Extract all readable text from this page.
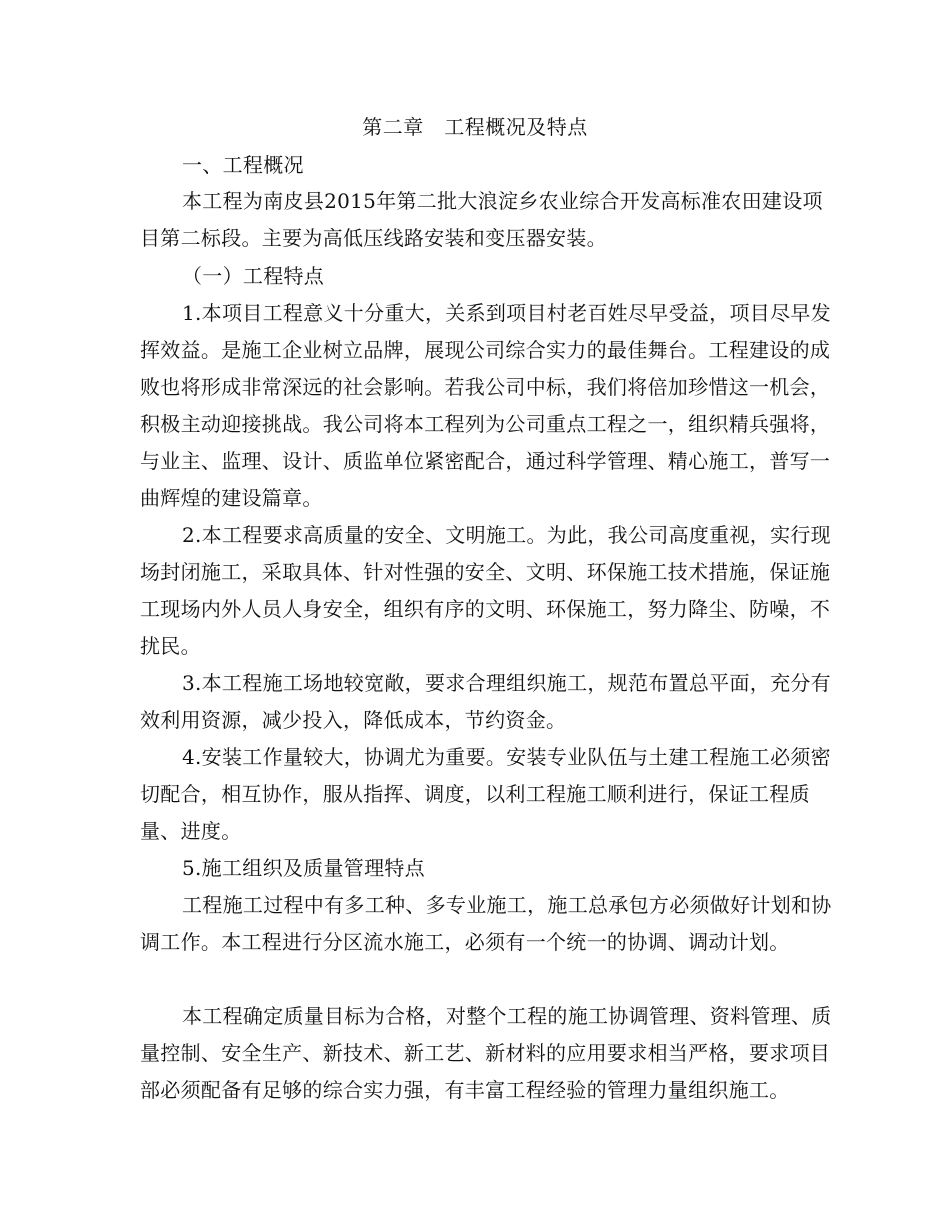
第二章　工程概况及特点
一、工程概况
本工程为南皮县2015年第二批大浪淀乡农业综合开发高标准农田建设项目第二标段。主要为高低压线路安装和变压器安装。
（一）工程特点
1.本项目工程意义十分重大，关系到项目村老百姓尽早受益，项目尽早发挥效益。是施工企业树立品牌，展现公司综合实力的最佳舞台。工程建设的成败也将形成非常深远的社会影响。若我公司中标，我们将倍加珍惜这一机会，积极主动迎接挑战。我公司将本工程列为公司重点工程之一，组织精兵强将，与业主、监理、设计、质监单位紧密配合，通过科学管理、精心施工，普写一曲辉煌的建设篇章。
2.本工程要求高质量的安全、文明施工。为此，我公司高度重视，实行现场封闭施工，采取具体、针对性强的安全、文明、环保施工技术措施，保证施工现场内外人员人身安全，组织有序的文明、环保施工，努力降尘、防噪，不扰民。
3.本工程施工场地较宽敞，要求合理组织施工，规范布置总平面，充分有效利用资源，减少投入，降低成本，节约资金。
4.安装工作量较大，协调尤为重要。安装专业队伍与土建工程施工必须密切配合，相互协作，服从指挥、调度，以利工程施工顺利进行，保证工程质量、进度。
5.施工组织及质量管理特点
工程施工过程中有多工种、多专业施工，施工总承包方必须做好计划和协调工作。本工程进行分区流水施工，必须有一个统一的协调、调动计划。
本工程确定质量目标为合格，对整个工程的施工协调管理、资料管理、质量控制、安全生产、新技术、新工艺、新材料的应用要求相当严格，要求项目部必须配备有足够的综合实力强，有丰富工程经验的管理力量组织施工。
